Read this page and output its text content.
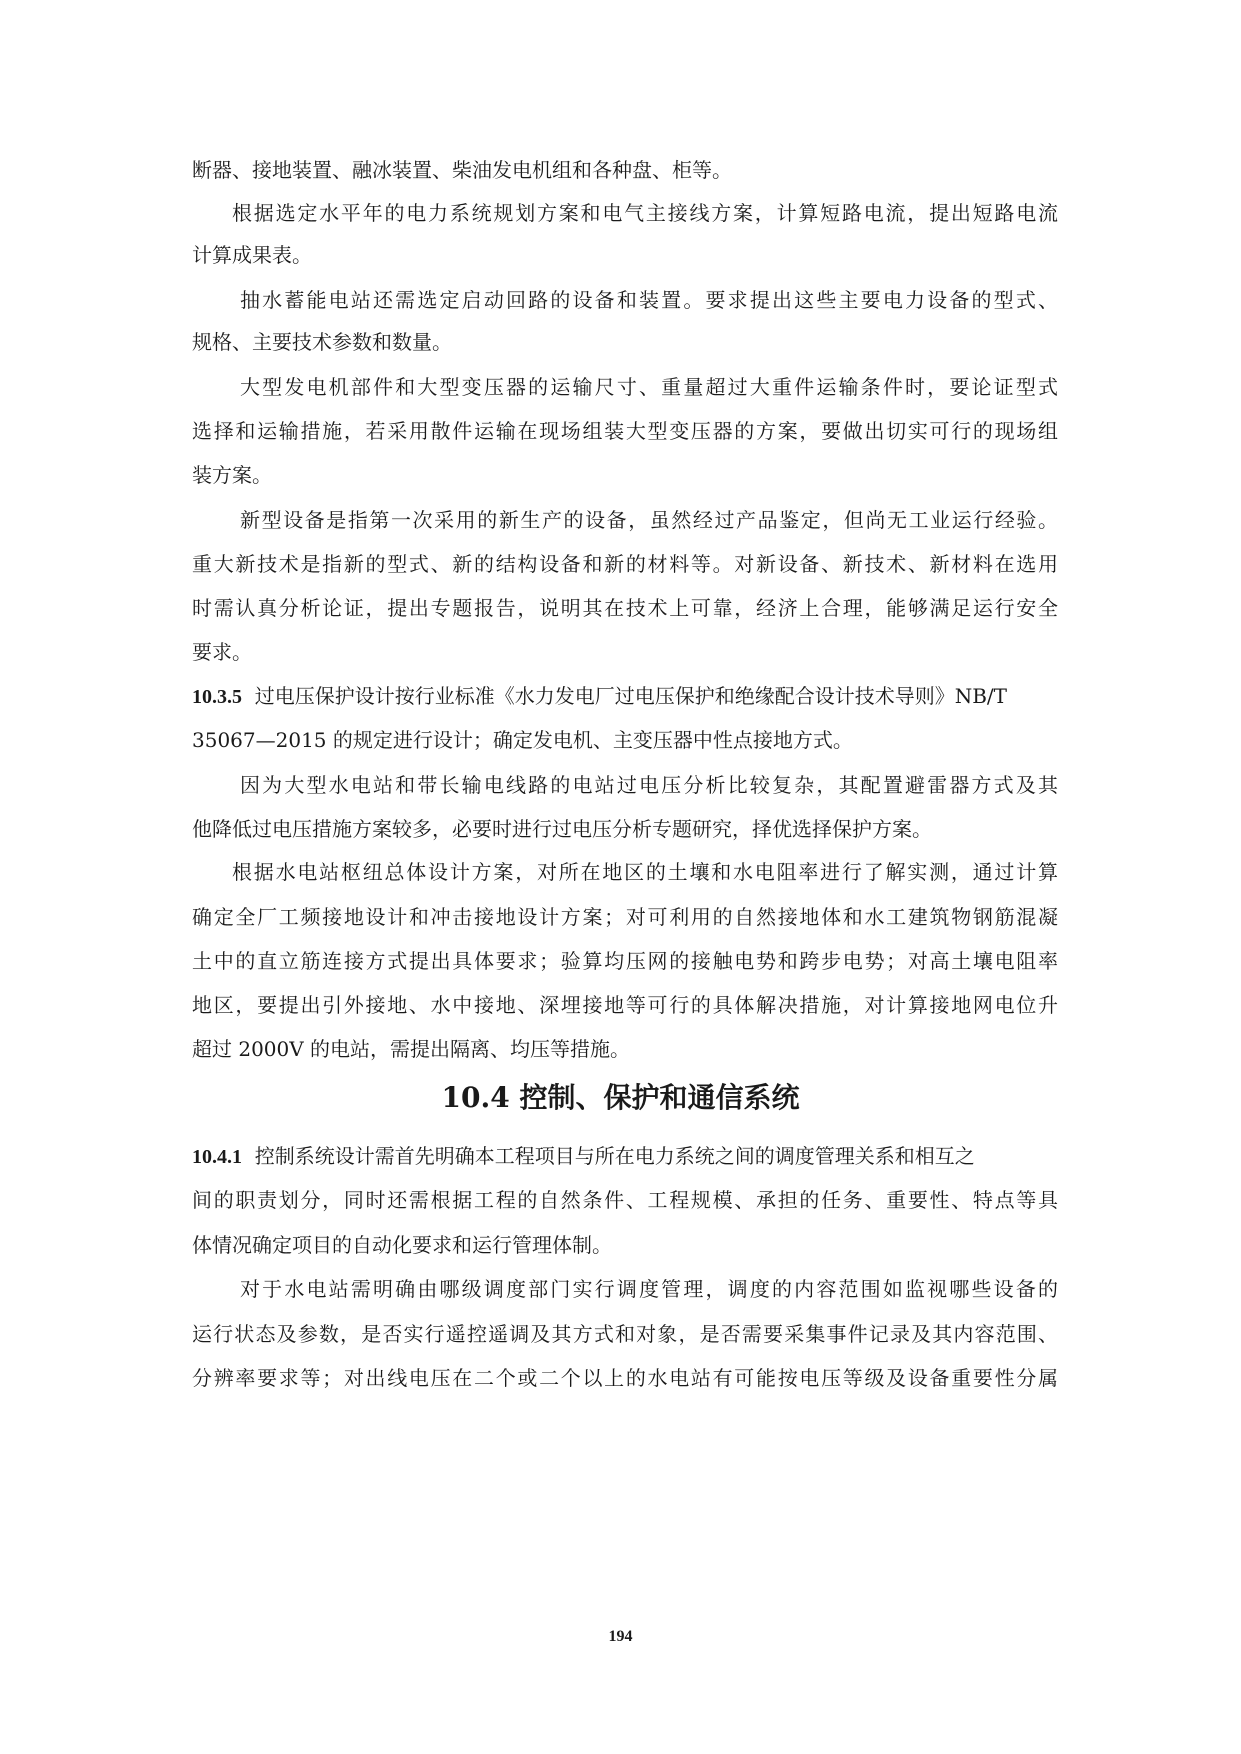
断器、接地装置、融冰装置、柴油发电机组和各种盘、柜等。

根据选定水平年的电力系统规划方案和电气主接线方案，计算短路电流，提出短路电流

计算成果表。

抽水蓄能电站还需选定启动回路的设备和装置。要求提出这些主要电力设备的型式、

规格、主要技术参数和数量。

大型发电机部件和大型变压器的运输尺寸、重量超过大重件运输条件时，要论证型式

选择和运输措施，若采用散件运输在现场组装大型变压器的方案，要做出切实可行的现场组

装方案。

新型设备是指第一次采用的新生产的设备，虽然经过产品鉴定，但尚无工业运行经验。

重大新技术是指新的型式、新的结构设备和新的材料等。对新设备、新技术、新材料在选用

时需认真分析论证，提出专题报告，说明其在技术上可靠，经济上合理，能够满足运行安全

要求。

10.3.5 过电压保护设计按行业标准《水力发电厂过电压保护和绝缘配合设计技术导则》NB/T

35067—2015 的规定进行设计；确定发电机、主变压器中性点接地方式。

因为大型水电站和带长输电线路的电站过电压分析比较复杂，其配置避雷器方式及其

他降低过电压措施方案较多，必要时进行过电压分析专题研究，择优选择保护方案。

根据水电站枢纽总体设计方案，对所在地区的土壤和水电阻率进行了解实测，通过计算

确定全厂工频接地设计和冲击接地设计方案；对可利用的自然接地体和水工建筑物钢筋混凝

土中的直立筋连接方式提出具体要求；验算均压网的接触电势和跨步电势；对高土壤电阻率

地区，要提出引外接地、水中接地、深埋接地等可行的具体解决措施，对计算接地网电位升

超过 2000V 的电站，需提出隔离、均压等措施。

10.4 控制、保护和通信系统

10.4.1 控制系统设计需首先明确本工程项目与所在电力系统之间的调度管理关系和相互之

间的职责划分，同时还需根据工程的自然条件、工程规模、承担的任务、重要性、特点等具

体情况确定项目的自动化要求和运行管理体制。

对于水电站需明确由哪级调度部门实行调度管理，调度的内容范围如监视哪些设备的

运行状态及参数，是否实行遥控遥调及其方式和对象，是否需要采集事件记录及其内容范围、

分辨率要求等；对出线电压在二个或二个以上的水电站有可能按电压等级及设备重要性分属

194
